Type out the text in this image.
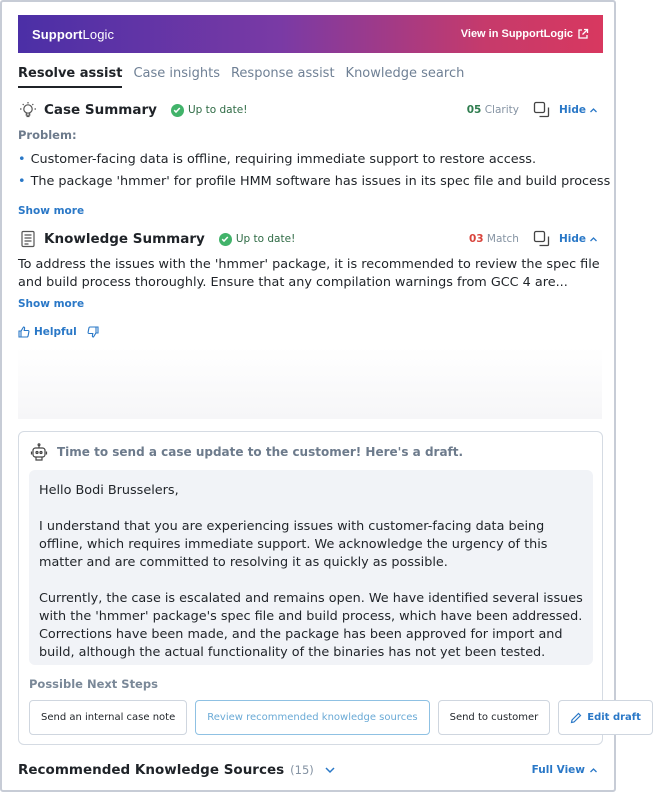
SupportLogic	View in SupportLogic
Resolve assist Case insights Response assist Knowledge search
Case Summary	Up to date!	05 Clarity	Hide
Problem:
• Customer-facing data is offline, requiring immediate support to restore access.
• The package 'hmmer' for profile HMM software has issues in its spec file and build process
Show more
Knowledge Summary	Up to date!	03 Match	Hide
To address the issues with the 'hmmer' package, it is recommended to review the spec file and build process thoroughly. Ensure that any compilation warnings from GCC 4 are...
Show more
Helpful
Time to send a case update to the customer! Here's a draft.

Hello Bodi Brusselers,

I understand that you are experiencing issues with customer-facing data being offline, which requires immediate support. We acknowledge the urgency of this matter and are committed to resolving it as quickly as possible.

Currently, the case is escalated and remains open. We have identified several issues with the 'hmmer' package's spec file and build process, which have been addressed. Corrections have been made, and the package has been approved for import and build, although the actual functionality of the binaries has not yet been tested.

Possible Next Steps
Send an internal case note	Review recommended knowledge sources	Send to customer	Edit draft
Recommended Knowledge Sources (15)	Full View
